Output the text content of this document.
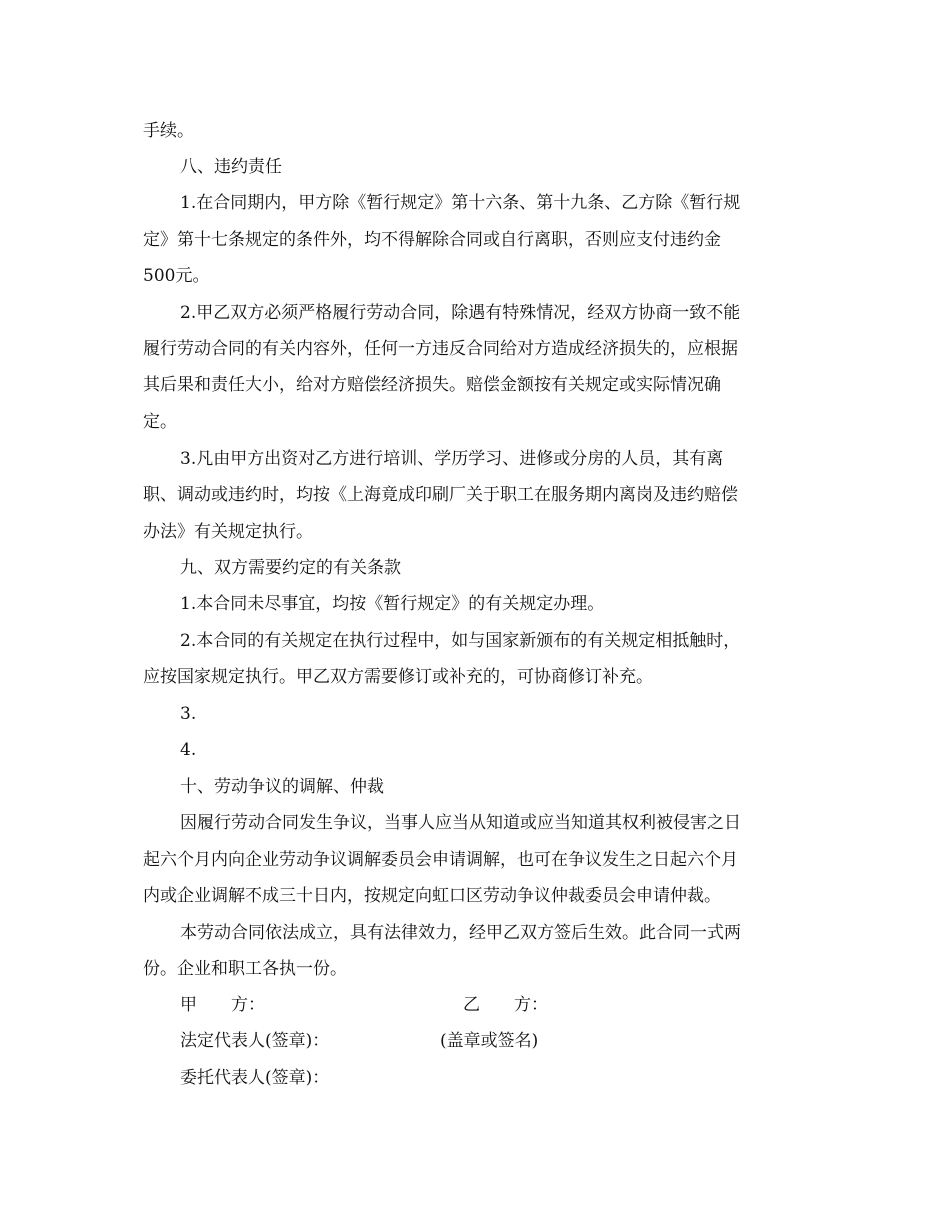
手续。
八、违约责任
1.在合同期内，甲方除《暂行规定》第十六条、第十九条、乙方除《暂行规
定》第十七条规定的条件外，均不得解除合同或自行离职，否则应支付违约金
500元。
2.甲乙双方必须严格履行劳动合同，除遇有特殊情况，经双方协商一致不能
履行劳动合同的有关内容外，任何一方违反合同给对方造成经济损失的，应根据
其后果和责任大小，给对方赔偿经济损失。赔偿金额按有关规定或实际情况确
定。
3.凡由甲方出资对乙方进行培训、学历学习、进修或分房的人员，其有离
职、调动或违约时，均按《上海竟成印刷厂关于职工在服务期内离岗及违约赔偿
办法》有关规定执行。
九、双方需要约定的有关条款
1.本合同未尽事宜，均按《暂行规定》的有关规定办理。
2.本合同的有关规定在执行过程中，如与国家新颁布的有关规定相抵触时，
应按国家规定执行。甲乙双方需要修订或补充的，可协商修订补充。
3.
4.
十、劳动争议的调解、仲裁
因履行劳动合同发生争议，当事人应当从知道或应当知道其权利被侵害之日
起六个月内向企业劳动争议调解委员会申请调解，也可在争议发生之日起六个月
内或企业调解不成三十日内，按规定向虹口区劳动争议仲裁委员会申请仲裁。
本劳动合同依法成立，具有法律效力，经甲乙双方签后生效。此合同一式两
份。企业和职工各执一份。
甲　　方：	乙　　方：
法定代表人(签章)：	(盖章或签名)
委托代表人(签章)：
